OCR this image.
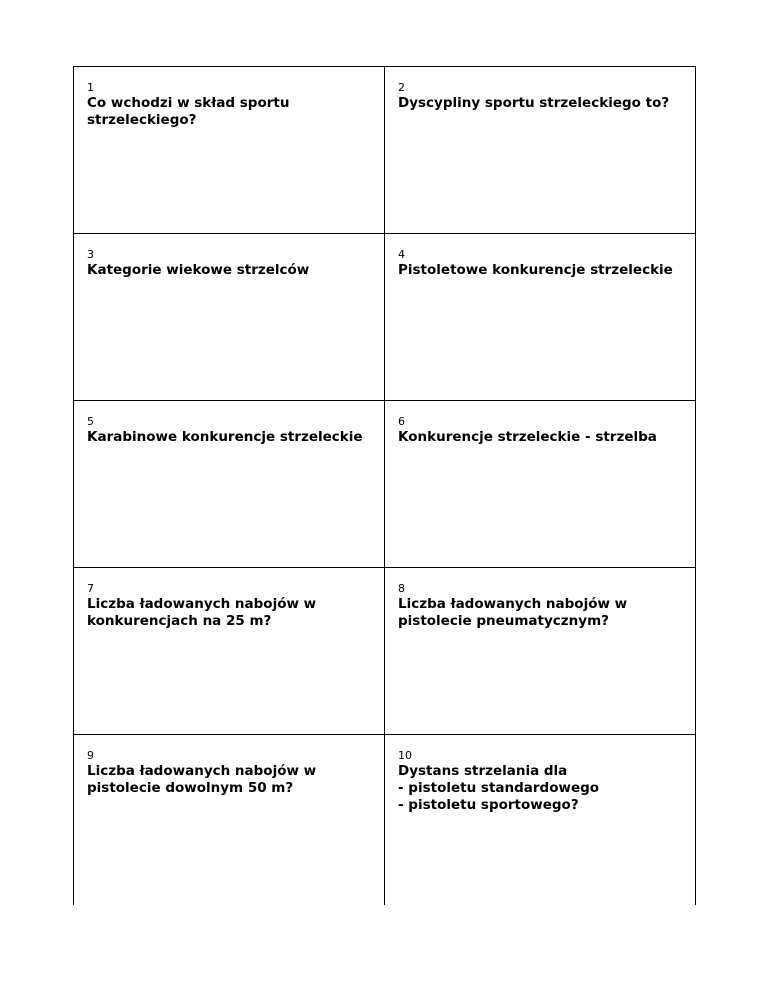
1
Co wchodzi w skład sportu
strzeleckiego?
2
Dyscypliny sportu strzeleckiego to?
3
Kategorie wiekowe strzelców
4
Pistoletowe konkurencje strzeleckie
5
Karabinowe konkurencje strzeleckie
6
Konkurencje strzeleckie - strzelba
7
Liczba ładowanych nabojów w
konkurencjach na 25 m?
8
Liczba ładowanych nabojów w
pistolecie pneumatycznym?
9
Liczba ładowanych nabojów w
pistolecie dowolnym 50 m?
10
Dystans strzelania dla
- pistoletu standardowego
- pistoletu sportowego?
